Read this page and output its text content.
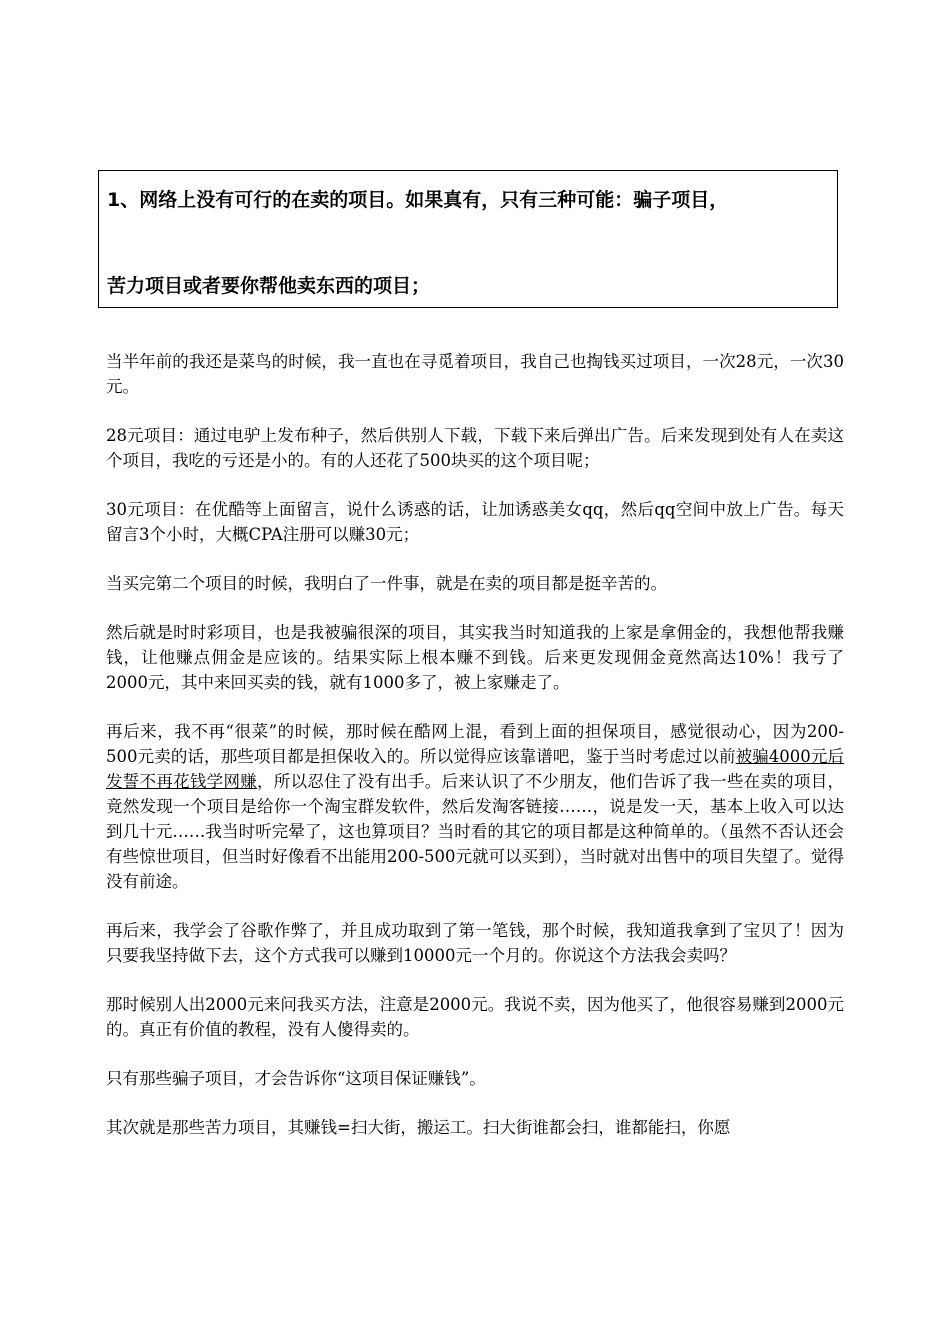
1、网络上没有可行的在卖的项目。如果真有，只有三种可能：骗子项目，
苦力项目或者要你帮他卖东西的项目；

当半年前的我还是菜鸟的时候，我一直也在寻觅着项目，我自己也掏钱买过项目，一次28元，一次30元。

28元项目：通过电驴上发布种子，然后供别人下载，下载下来后弹出广告。后来发现到处有人在卖这个项目，我吃的亏还是小的。有的人还花了500块买的这个项目呢；

30元项目：在优酷等上面留言，说什么诱惑的话，让加诱惑美女qq，然后qq空间中放上广告。每天留言3个小时，大概CPA注册可以赚30元；

当买完第二个项目的时候，我明白了一件事，就是在卖的项目都是挺辛苦的。

然后就是时时彩项目，也是我被骗很深的项目，其实我当时知道我的上家是拿佣金的，我想他帮我赚钱，让他赚点佣金是应该的。结果实际上根本赚不到钱。后来更发现佣金竟然高达10%！我亏了2000元，其中来回买卖的钱，就有1000多了，被上家赚走了。

再后来，我不再“很菜”的时候，那时候在酷网上混，看到上面的担保项目，感觉很动心，因为200-500元卖的话，那些项目都是担保收入的。所以觉得应该靠谱吧，鉴于当时考虑过以前被骗4000元后发誓不再花钱学网赚，所以忍住了没有出手。后来认识了不少朋友，他们告诉了我一些在卖的项目，竟然发现一个项目是给你一个淘宝群发软件，然后发淘客链接……，说是发一天，基本上收入可以达到几十元……我当时听完晕了，这也算项目？当时看的其它的项目都是这种简单的。（虽然不否认还会有些惊世项目，但当时好像看不出能用200-500元就可以买到），当时就对出售中的项目失望了。觉得没有前途。

再后来，我学会了谷歌作弊了，并且成功取到了第一笔钱，那个时候，我知道我拿到了宝贝了！因为只要我坚持做下去，这个方式我可以赚到10000元一个月的。你说这个方法我会卖吗？

那时候别人出2000元来问我买方法，注意是2000元。我说不卖，因为他买了，他很容易赚到2000元的。真正有价值的教程，没有人傻得卖的。

只有那些骗子项目，才会告诉你“这项目保证赚钱”。

其次就是那些苦力项目，其赚钱=扫大街，搬运工。扫大街谁都会扫，谁都能扫，你愿
